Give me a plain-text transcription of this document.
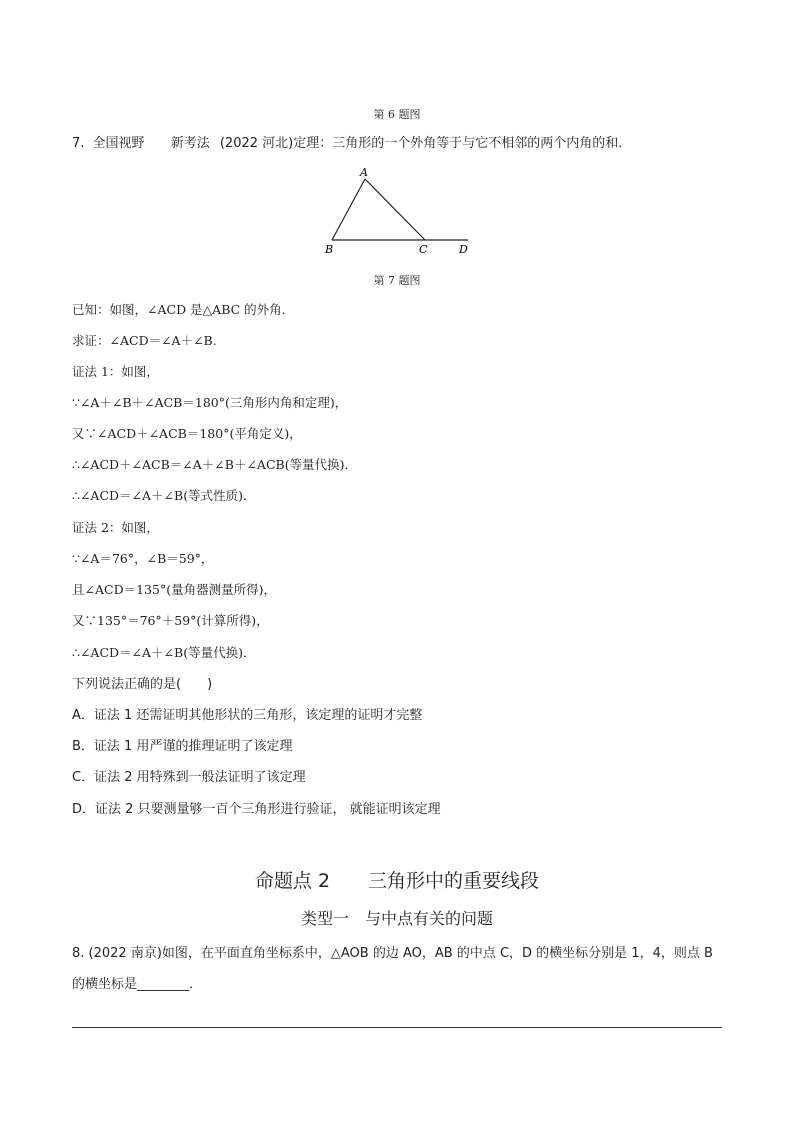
第 6 题图
7. 全国视野 新考法 (2022 河北)定理：三角形的一个外角等于与它不相邻的两个内角的和．
A
B	C	D
第 7 题图
已知：如图，∠ACD 是△ABC 的外角．
求证：∠ACD＝∠A＋∠B.
证法 1：如图，
∵∠A＋∠B＋∠ACB＝180°(三角形内角和定理)，
又∵∠ACD＋∠ACB＝180°(平角定义)，
∴∠ACD＋∠ACB＝∠A＋∠B＋∠ACB(等量代换)．
∴∠ACD＝∠A＋∠B(等式性质)．
证法 2：如图，
∵∠A＝76°，∠B＝59°，
且∠ACD＝135°(量角器测量所得)，
又∵135°＝76°＋59°(计算所得)，
∴∠ACD＝∠A＋∠B(等量代换)．
下列说法正确的是(　　)
A．证法 1 还需证明其他形状的三角形，该定理的证明才完整
B．证法 1 用严谨的推理证明了该定理
C．证法 2 用特殊到一般法证明了该定理
D．证法 2 只要测量够一百个三角形进行验证， 就能证明该定理
命题点 2　　三角形中的重要线段
类型一　与中点有关的问题
8. (2022 南京)如图，在平面直角坐标系中，△AOB 的边 AO，AB 的中点 C，D 的横坐标分别是 1，4，则点 B
的横坐标是________．
